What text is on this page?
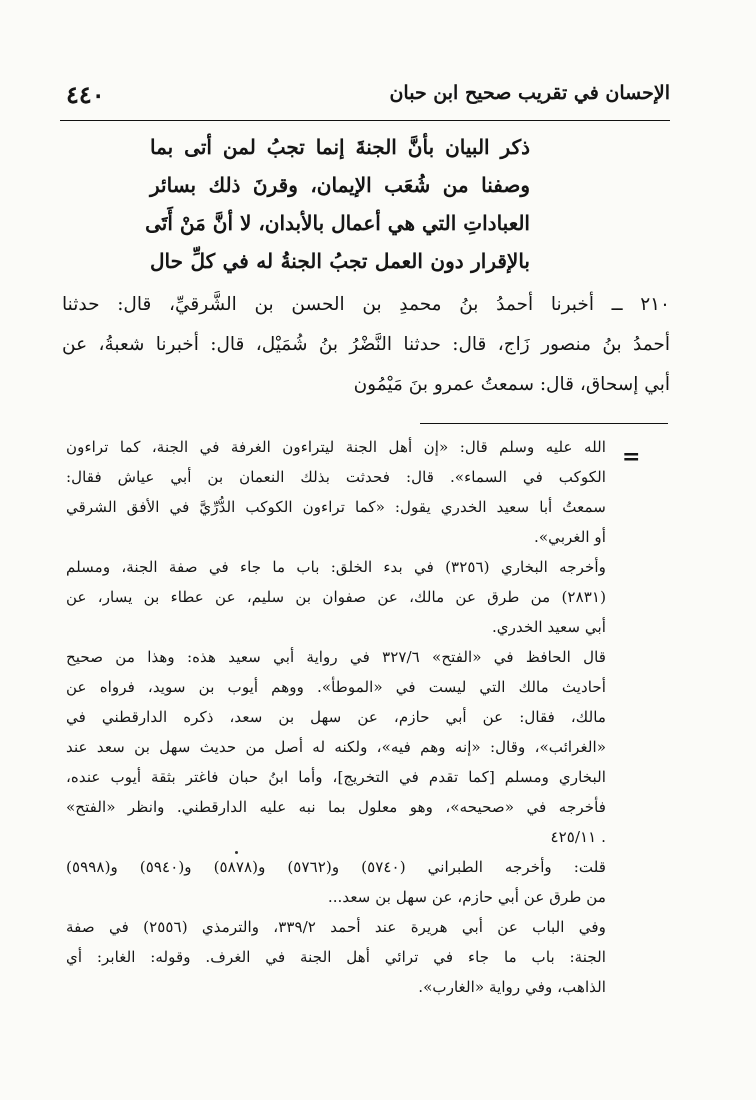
الإحسان في تقريب صحيح ابن حبان
٤٤٠
ذكر البيان بأنَّ الجنةَ إنما تجبُ لمن أتى بما
وصفنا من شُعَب الإيمان، وقرنَ ذلك بسائر
العباداتِ التي هي أعمال بالأبدان، لا أنَّ مَنْ أَتَى
بالإقرار دون العمل تجبُ الجنةُ له في كلِّ حال
٢١٠ ــ أخبرنا أحمدُ بنُ محمدِ بن الحسن بن الشَّرقيِّ، قال: حدثنا
أحمدُ بنُ منصور زَاج، قال: حدثنا النَّضْرُ بنُ شُمَيْل، قال: أخبرنا شعبةُ، عن
أبي إسحاق، قال: سمعتُ عمرو بنَ مَيْمُون
=
الله عليه وسلم قال: «إن أهل الجنة ليتراءون الغرفة في الجنة، كما تراءون
الكوكب في السماء». قال: فحدثت بذلك النعمان بن أبي عياش فقال:
سمعتُ أبا سعيد الخدري يقول: «كما تراءون الكوكب الدُّرِّيَّ في الأفق الشرقي
أو الغربي».
وأخرجه البخاري (٣٢٥٦) في بدء الخلق: باب ما جاء في صفة الجنة، ومسلم
(٢٨٣١) من طرق عن مالك، عن صفوان بن سليم، عن عطاء بن يسار، عن
أبي سعيد الخدري.
قال الحافظ في «الفتح» ٣٢٧/٦ في رواية أبي سعيد هذه: وهذا من صحيح
أحاديث مالك التي ليست في «الموطأ». ووهم أيوب بن سويد، فرواه عن
مالك، فقال: عن أبي حازم، عن سهل بن سعد، ذكره الدارقطني في
«الغرائب»، وقال: «إنه وهم فيه»، ولكنه له أصل من حديث سهل بن سعد عند
البخاري ومسلم [كما تقدم في التخريج]، وأما ابنُ حبان فاغتر بثقة أيوب عنده،
فأخرجه في «صحيحه»، وهو معلول بما نبه عليه الدارقطني. وانظر «الفتح»
. ٤٢٥/١١
قلت: وأخرجه الطبراني (٥٧٤٠) و(٥٧٦٢) و(٥٨٧٨) و(٥٩٤٠) و(٥٩٩٨)
من طرق عن أبي حازم، عن سهل بن سعد...
وفي الباب عن أبي هريرة عند أحمد ٣٣٩/٢، والترمذي (٢٥٥٦) في صفة
الجنة: باب ما جاء في ترائي أهل الجنة في الغرف. وقوله: الغابر: أي
الذاهب، وفي رواية «الغارب».
